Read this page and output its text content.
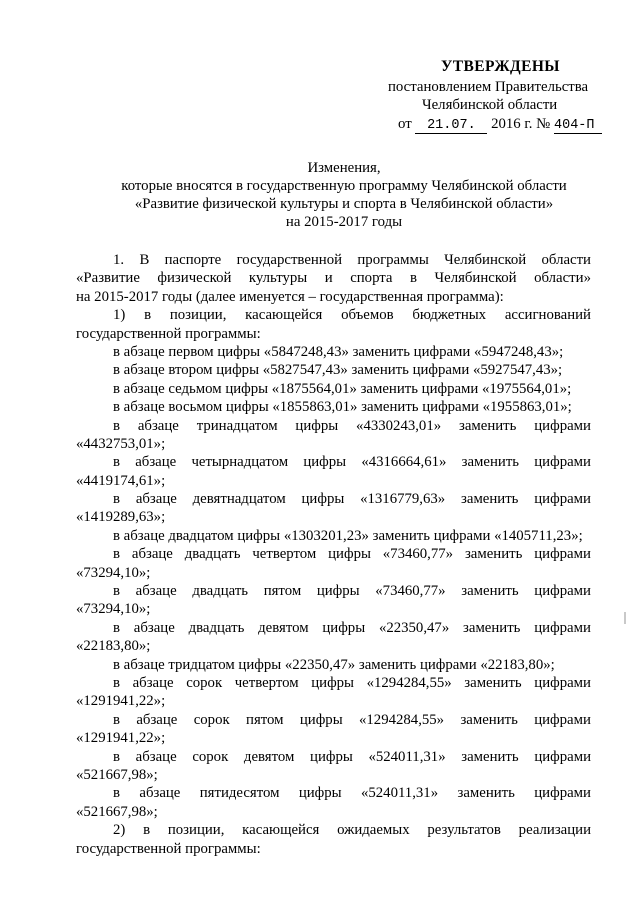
УТВЕРЖДЕНЫ
постановлением Правительства
Челябинской области
от 21.07. 2016 г. № 404-П
Изменения,
которые вносятся в государственную программу Челябинской области
«Развитие физической культуры и спорта в Челябинской области»
на 2015-2017 годы
1. В паспорте государственной программы Челябинской области
«Развитие физической культуры и спорта в Челябинской области»
на 2015-2017 годы (далее именуется – государственная программа):
1) в позиции, касающейся объемов бюджетных ассигнований
государственной программы:
в абзаце первом цифры «5847248,43» заменить цифрами «5947248,43»;
в абзаце втором цифры «5827547,43» заменить цифрами «5927547,43»;
в абзаце седьмом цифры «1875564,01» заменить цифрами «1975564,01»;
в абзаце восьмом цифры «1855863,01» заменить цифрами «1955863,01»;
в абзаце тринадцатом цифры «4330243,01» заменить цифрами
«4432753,01»;
в абзаце четырнадцатом цифры «4316664,61» заменить цифрами
«4419174,61»;
в абзаце девятнадцатом цифры «1316779,63» заменить цифрами
«1419289,63»;
в абзаце двадцатом цифры «1303201,23» заменить цифрами «1405711,23»;
в абзаце двадцать четвертом цифры «73460,77» заменить цифрами
«73294,10»;
в абзаце двадцать пятом цифры «73460,77» заменить цифрами
«73294,10»;
в абзаце двадцать девятом цифры «22350,47» заменить цифрами
«22183,80»;
в абзаце тридцатом цифры «22350,47» заменить цифрами «22183,80»;
в абзаце сорок четвертом цифры «1294284,55» заменить цифрами
«1291941,22»;
в абзаце сорок пятом цифры «1294284,55» заменить цифрами
«1291941,22»;
в абзаце сорок девятом цифры «524011,31» заменить цифрами
«521667,98»;
в абзаце пятидесятом цифры «524011,31» заменить цифрами
«521667,98»;
2) в позиции, касающейся ожидаемых результатов реализации
государственной программы:
